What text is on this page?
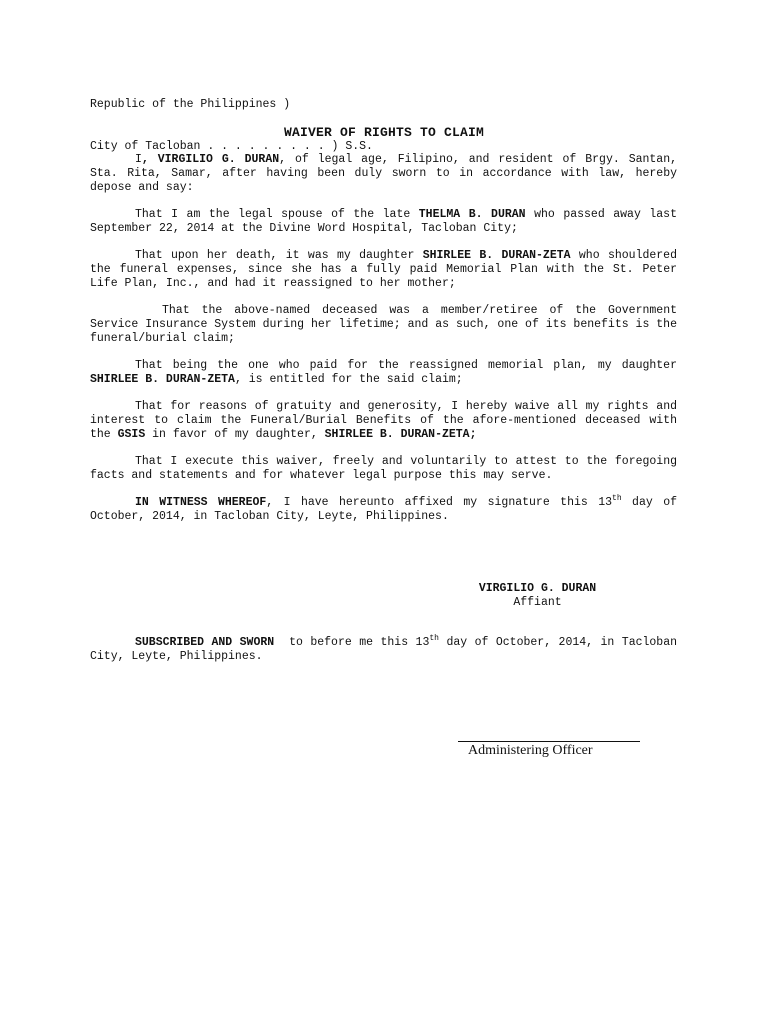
Republic of the Philippines )

City of Tacloban . . . . . . . . . ) S.S.

WAIVER OF RIGHTS TO CLAIM

I, VIRGILIO G. DURAN, of legal age, Filipino, and resident of Brgy. Santan, Sta. Rita, Samar, after having been duly sworn to in accordance with law, hereby depose and say:

That I am the legal spouse of the late THELMA B. DURAN who passed away last September 22, 2014 at the Divine Word Hospital, Tacloban City;

That upon her death, it was my daughter SHIRLEE B. DURAN-ZETA who shouldered the funeral expenses, since she has a fully paid Memorial Plan with the St. Peter Life Plan, Inc., and had it reassigned to her mother;

That the above-named deceased was a member/retiree of the Government Service Insurance System during her lifetime; and as such, one of its benefits is the funeral/burial claim;

That being the one who paid for the reassigned memorial plan, my daughter SHIRLEE B. DURAN-ZETA, is entitled for the said claim;

That for reasons of gratuity and generosity, I hereby waive all my rights and interest to claim the Funeral/Burial Benefits of the afore-mentioned deceased with the GSIS in favor of my daughter, SHIRLEE B. DURAN-ZETA;

That I execute this waiver, freely and voluntarily to attest to the foregoing facts and statements and for whatever legal purpose this may serve.

IN WITNESS WHEREOF, I have hereunto affixed my signature this 13th day of October, 2014, in Tacloban City, Leyte, Philippines.

VIRGILIO G. DURAN
Affiant
SUBSCRIBED AND SWORN  to before me this 13th day of October, 2014, in Tacloban City, Leyte, Philippines.
Administering Officer
